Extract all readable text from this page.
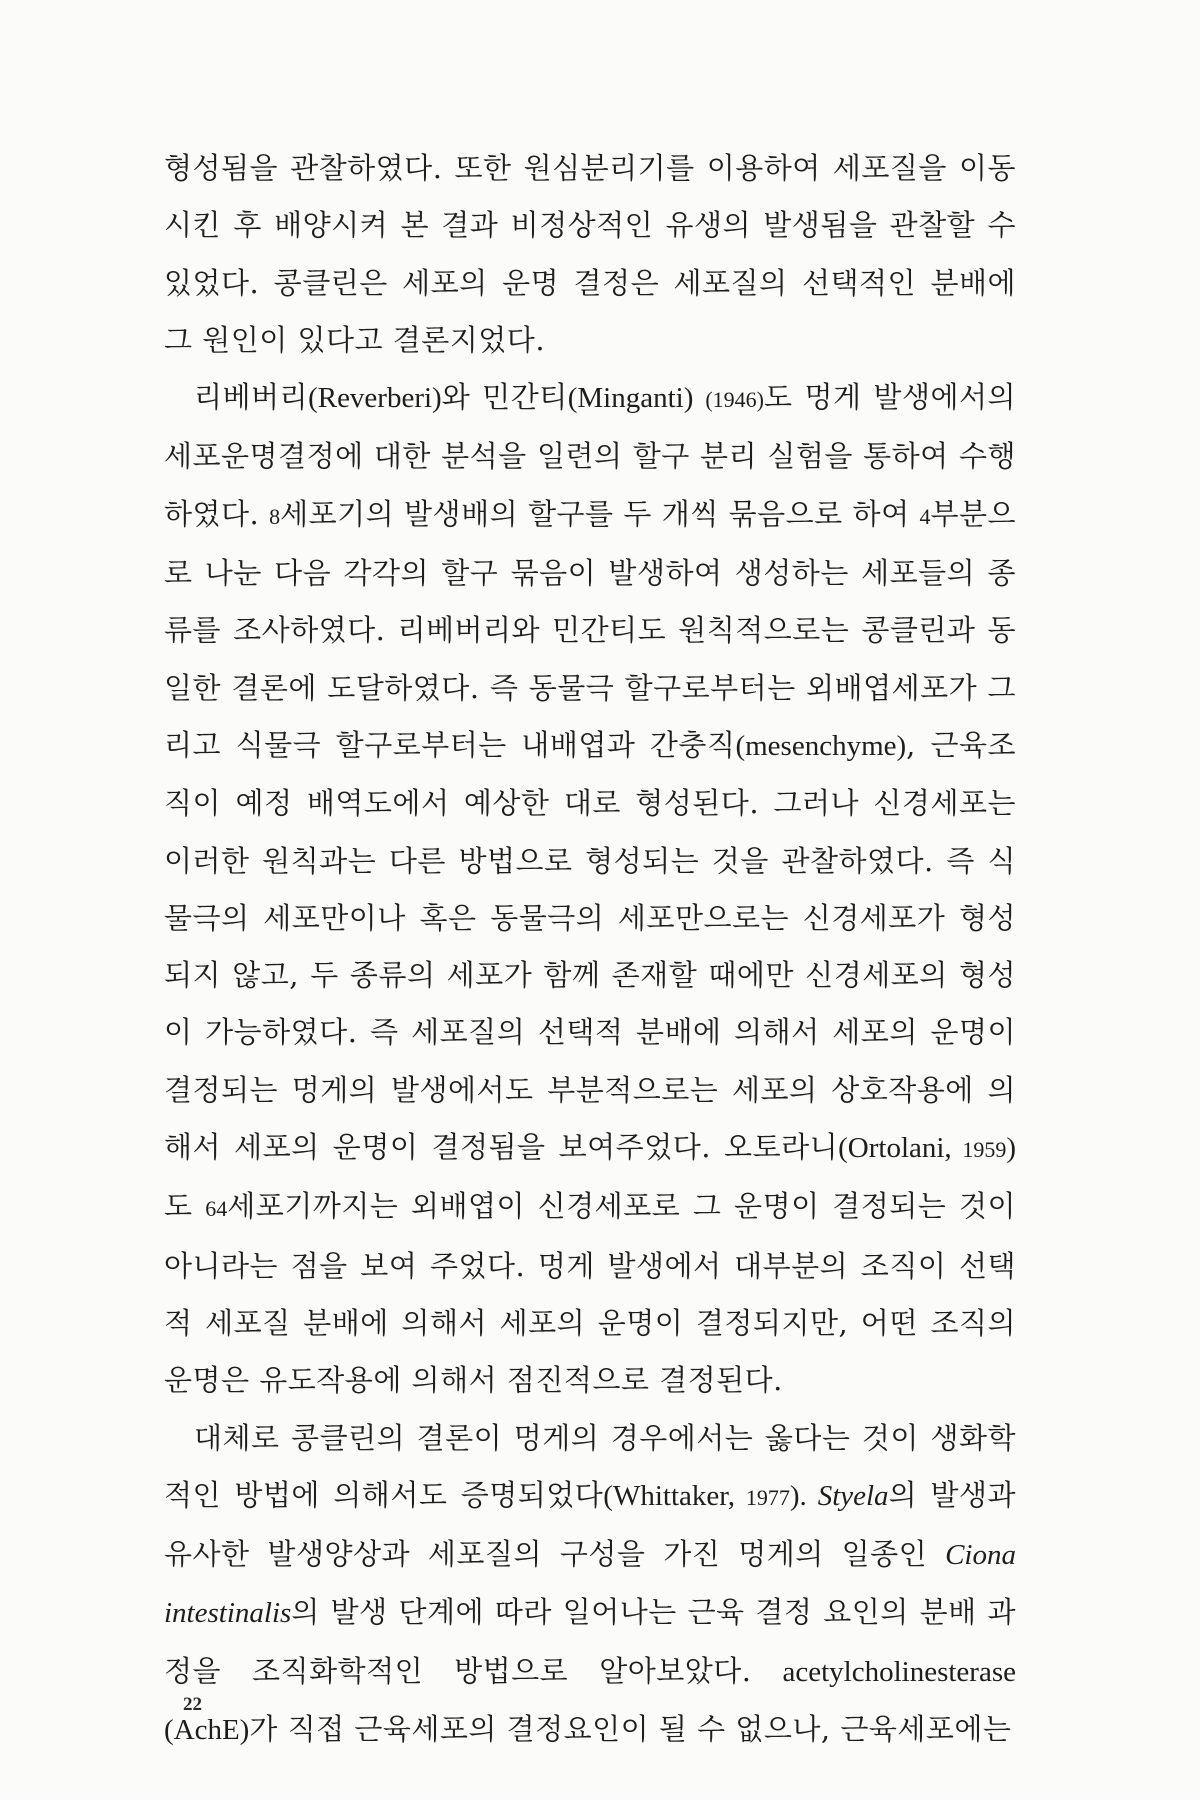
형성됨을 관찰하였다. 또한 원심분리기를 이용하여 세포질을 이동시킨 후 배양시켜 본 결과 비정상적인 유생의 발생됨을 관찰할 수 있었다. 콩클린은 세포의 운명 결정은 세포질의 선택적인 분배에 그 원인이 있다고 결론지었다.

리베버리(Reverberi)와 민간티(Minganti) (1946)도 멍게 발생에서의 세포운명결정에 대한 분석을 일련의 할구 분리 실험을 통하여 수행하였다. 8세포기의 발생배의 할구를 두 개씩 묶음으로 하여 4부분으로 나눈 다음 각각의 할구 묶음이 발생하여 생성하는 세포들의 종류를 조사하였다. 리베버리와 민간티도 원칙적으로는 콩클린과 동일한 결론에 도달하였다. 즉 동물극 할구로부터는 외배엽세포가 그리고 식물극 할구로부터는 내배엽과 간충직(mesenchyme), 근육조직이 예정 배역도에서 예상한 대로 형성된다. 그러나 신경세포는 이러한 원칙과는 다른 방법으로 형성되는 것을 관찰하였다. 즉 식물극의 세포만이나 혹은 동물극의 세포만으로는 신경세포가 형성되지 않고, 두 종류의 세포가 함께 존재할 때에만 신경세포의 형성이 가능하였다. 즉 세포질의 선택적 분배에 의해서 세포의 운명이 결정되는 멍게의 발생에서도 부분적으로는 세포의 상호작용에 의해서 세포의 운명이 결정됨을 보여주었다. 오토라니(Ortolani, 1959)도 64세포기까지는 외배엽이 신경세포로 그 운명이 결정되는 것이 아니라는 점을 보여 주었다. 멍게 발생에서 대부분의 조직이 선택적 세포질 분배에 의해서 세포의 운명이 결정되지만, 어떤 조직의 운명은 유도작용에 의해서 점진적으로 결정된다.

대체로 콩클린의 결론이 멍게의 경우에서는 옳다는 것이 생화학적인 방법에 의해서도 증명되었다(Whittaker, 1977). Styela의 발생과 유사한 발생양상과 세포질의 구성을 가진 멍게의 일종인 Ciona intestinalis의 발생 단계에 따라 일어나는 근육 결정 요인의 분배 과정을 조직화학적인 방법으로 알아보았다. acetylcholinesterase (AchE)가 직접 근육세포의 결정요인이 될 수 없으나, 근육세포에는

22
